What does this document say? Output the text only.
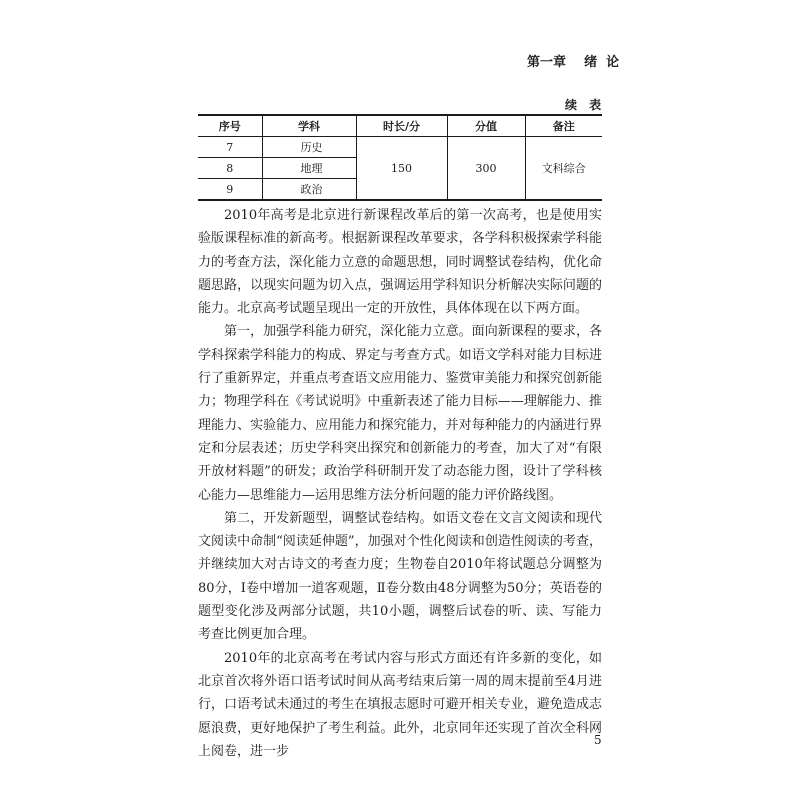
第一章    绪  论
续 表
序号	学科	时长/分	分值	备注
7	历史	150	300	文科综合
8	地理			
9	政治			

2010年高考是北京进行新课程改革后的第一次高考，也是使用实验版课程标准的新高考。根据新课程改革要求，各学科积极探索学科能力的考查方法，深化能力立意的命题思想，同时调整试卷结构，优化命题思路，以现实问题为切入点，强调运用学科知识分析解决实际问题的能力。北京高考试题呈现出一定的开放性，具体体现在以下两方面。

第一，加强学科能力研究，深化能力立意。面向新课程的要求，各学科探索学科能力的构成、界定与考查方式。如语文学科对能力目标进行了重新界定，并重点考查语文应用能力、鉴赏审美能力和探究创新能力；物理学科在《考试说明》中重新表述了能力目标——理解能力、推理能力、实验能力、应用能力和探究能力，并对每种能力的内涵进行界定和分层表述；历史学科突出探究和创新能力的考查，加大了对“有限开放材料题”的研发；政治学科研制开发了动态能力图，设计了学科核心能力—思维能力—运用思维方法分析问题的能力评价路线图。

第二，开发新题型，调整试卷结构。如语文卷在文言文阅读和现代文阅读中命制“阅读延伸题”，加强对个性化阅读和创造性阅读的考查，并继续加大对古诗文的考查力度；生物卷自2010年将试题总分调整为80分，Ⅰ卷中增加一道客观题，Ⅱ卷分数由48分调整为50分；英语卷的题型变化涉及两部分试题，共10小题，调整后试卷的听、读、写能力考查比例更加合理。

2010年的北京高考在考试内容与形式方面还有许多新的变化，如北京首次将外语口语考试时间从高考结束后第一周的周末提前至4月进行，口语考试未通过的考生在填报志愿时可避开相关专业，避免造成志愿浪费，更好地保护了考生利益。此外，北京同年还实现了首次全科网上阅卷，进一步

5
